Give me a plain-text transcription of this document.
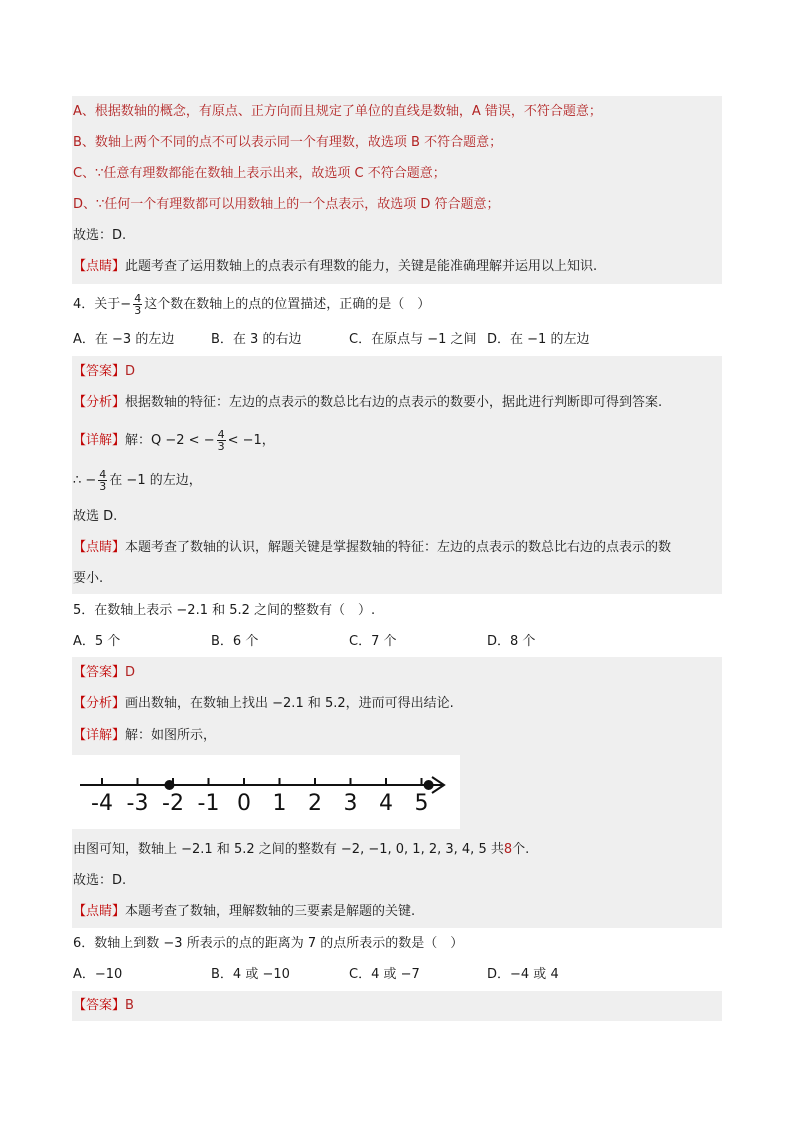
A、根据数轴的概念，有原点、正方向而且规定了单位的直线是数轴，A 错误，不符合题意；
B、数轴上两个不同的点不可以表示同一个有理数，故选项 B 不符合题意；
C、∵任意有理数都能在数轴上表示出来，故选项 C 不符合题意；
D、∵任何一个有理数都可以用数轴上的一个点表示，故选项 D 符合题意；
故选：D.
【点睛】此题考查了运用数轴上的点表示有理数的能力，关键是能准确理解并运用以上知识.
4．关于− $\frac{4}{3}$ 这个数在数轴上的点的位置描述，正确的是（　）
A．在 −3 的左边	B．在 3 的右边	C．在原点与 −1 之间 D．在 −1 的左边
【答案】D
【分析】根据数轴的特征：左边的点表示的数总比右边的点表示的数要小，据此进行判断即可得到答案.
【详解】解：Q −2 < − $\frac{4}{3} < -1$，
∴ − $\frac{4}{3}$ 在 −1 的左边，
故选 D.
【点睛】本题考查了数轴的认识，解题关键是掌握数轴的特征：左边的点表示的数总比右边的点表示的数
要小.
5．在数轴上表示 −2.1 和 5.2 之间的整数有（　）.
A．5 个	B．6 个	C．7 个	D．8 个
【答案】D
【分析】画出数轴，在数轴上找出 −2.1 和 5.2，进而可得出结论.
【详解】解：如图所示，
-4 -3 -2 -1 0 1 2 3 4 5
由图可知，数轴上 −2.1 和 5.2 之间的整数有 −2, −1, 0, 1, 2, 3, 4, 5 共8个.
故选：D.
【点睛】本题考查了数轴，理解数轴的三要素是解题的关键.
6．数轴上到数 −3 所表示的点的距离为 7 的点所表示的数是（　）
A．−10	B．4 或 −10	C．4 或 −7	D．−4 或 4
【答案】B
